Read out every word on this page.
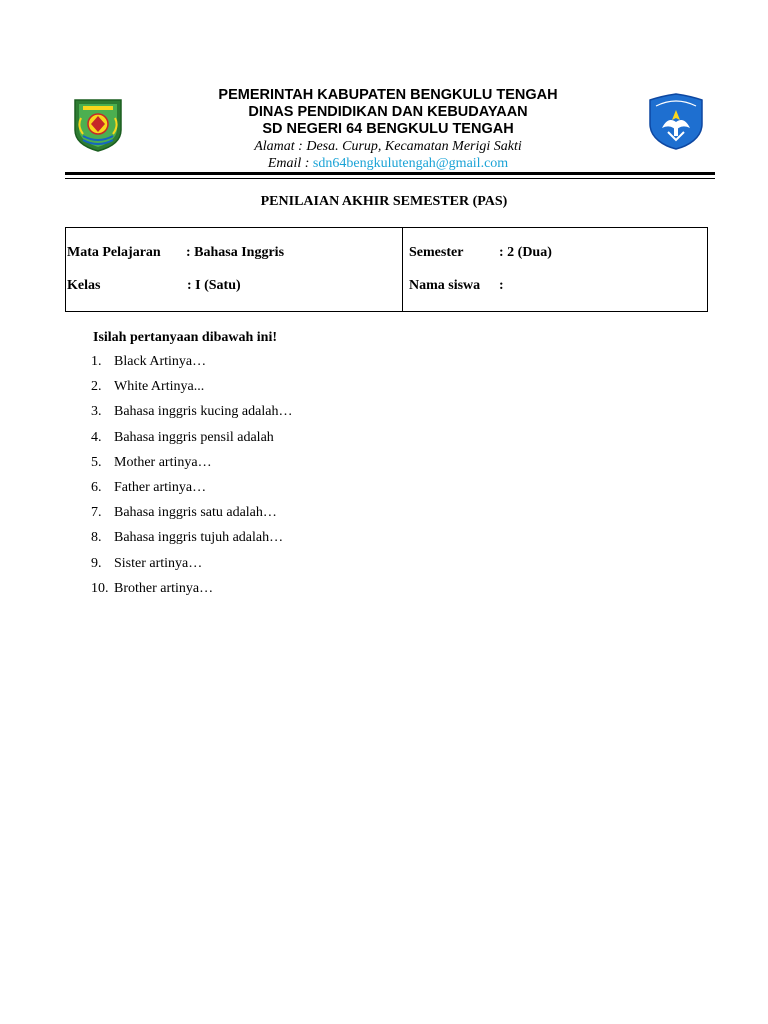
PEMERINTAH KABUPATEN BENGKULU TENGAH
DINAS PENDIDIKAN DAN KEBUDAYAAN
SD NEGERI 64 BENGKULU TENGAH
Alamat : Desa. Curup, Kecamatan Merigi Sakti
Email : sdn64bengkulutengah@gmail.com
PENILAIAN AKHIR SEMESTER (PAS)
Mata Pelajaran : Bahasa Inggris
Kelas	: I (Satu)
Semester	: 2 (Dua)
Nama siswa :
Isilah pertanyaan dibawah ini!
1. Black Artinya…
2. White Artinya...
3. Bahasa inggris kucing adalah…
4. Bahasa inggris pensil adalah
5. Mother artinya…
6. Father artinya…
7. Bahasa inggris satu adalah…
8. Bahasa inggris tujuh adalah…
9. Sister artinya…
10. Brother artinya…
